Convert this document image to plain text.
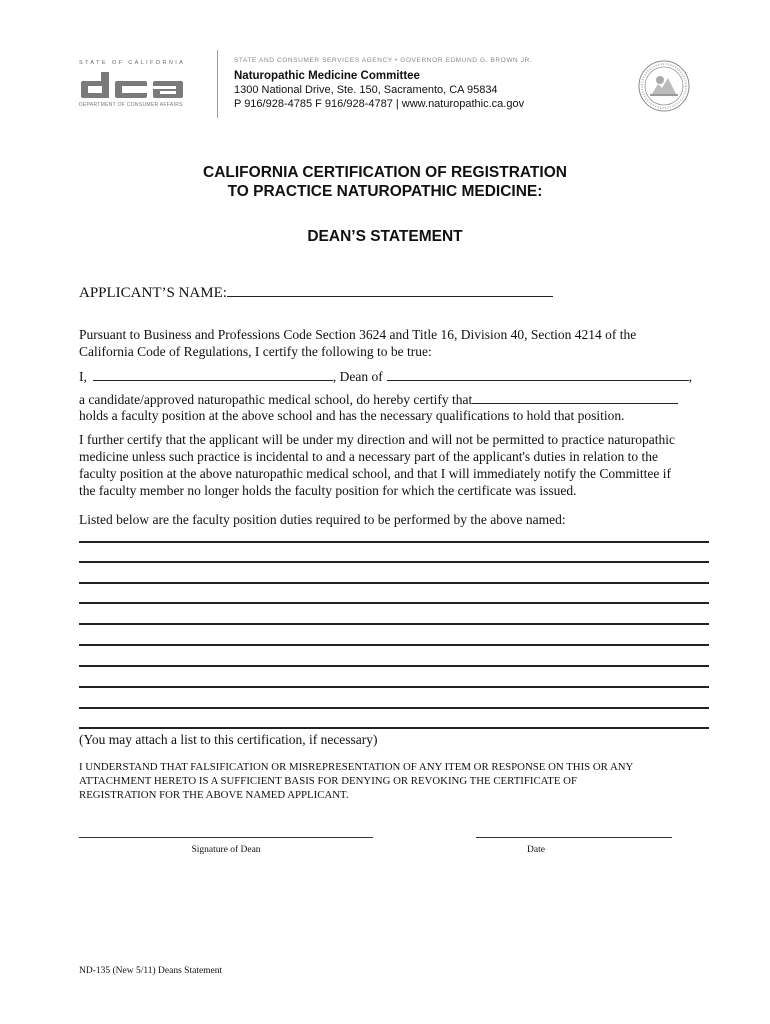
STATE OF CALIFORNIA
DEPARTMENT OF CONSUMER AFFAIRS
STATE AND CONSUMER SERVICES AGENCY • GOVERNOR EDMUND G. BROWN JR.
Naturopathic Medicine Committee
1300 National Drive, Ste. 150, Sacramento, CA 95834
P 916/928-4785 F 916/928-4787 | www.naturopathic.ca.gov
CALIFORNIA CERTIFICATION OF REGISTRATION
TO PRACTICE NATUROPATHIC MEDICINE:
DEAN’S STATEMENT
APPLICANT’S NAME:
Pursuant to Business and Professions Code Section 3624 and Title 16, Division 40, Section 4214 of the
California Code of Regulations, I certify the following to be true:
I,	, Dean of	,
a candidate/approved naturopathic medical school, do hereby certify that
holds a faculty position at the above school and has the necessary qualifications to hold that position.
I further certify that the applicant will be under my direction and will not be permitted to practice naturopathic
medicine unless such practice is incidental to and a necessary part of the applicant's duties in relation to the
faculty position at the above naturopathic medical school, and that I will immediately notify the Committee if
the faculty member no longer holds the faculty position for which the certificate was issued.
Listed below are the faculty position duties required to be performed by the above named:
(You may attach a list to this certification, if necessary)
I UNDERSTAND THAT FALSIFICATION OR MISREPRESENTATION OF ANY ITEM OR RESPONSE ON THIS OR ANY
ATTACHMENT HERETO IS A SUFFICIENT BASIS FOR DENYING OR REVOKING THE CERTIFICATE OF
REGISTRATION FOR THE ABOVE NAMED APPLICANT.
Signature of Dean	Date
ND-135 (New 5/11) Deans Statement
